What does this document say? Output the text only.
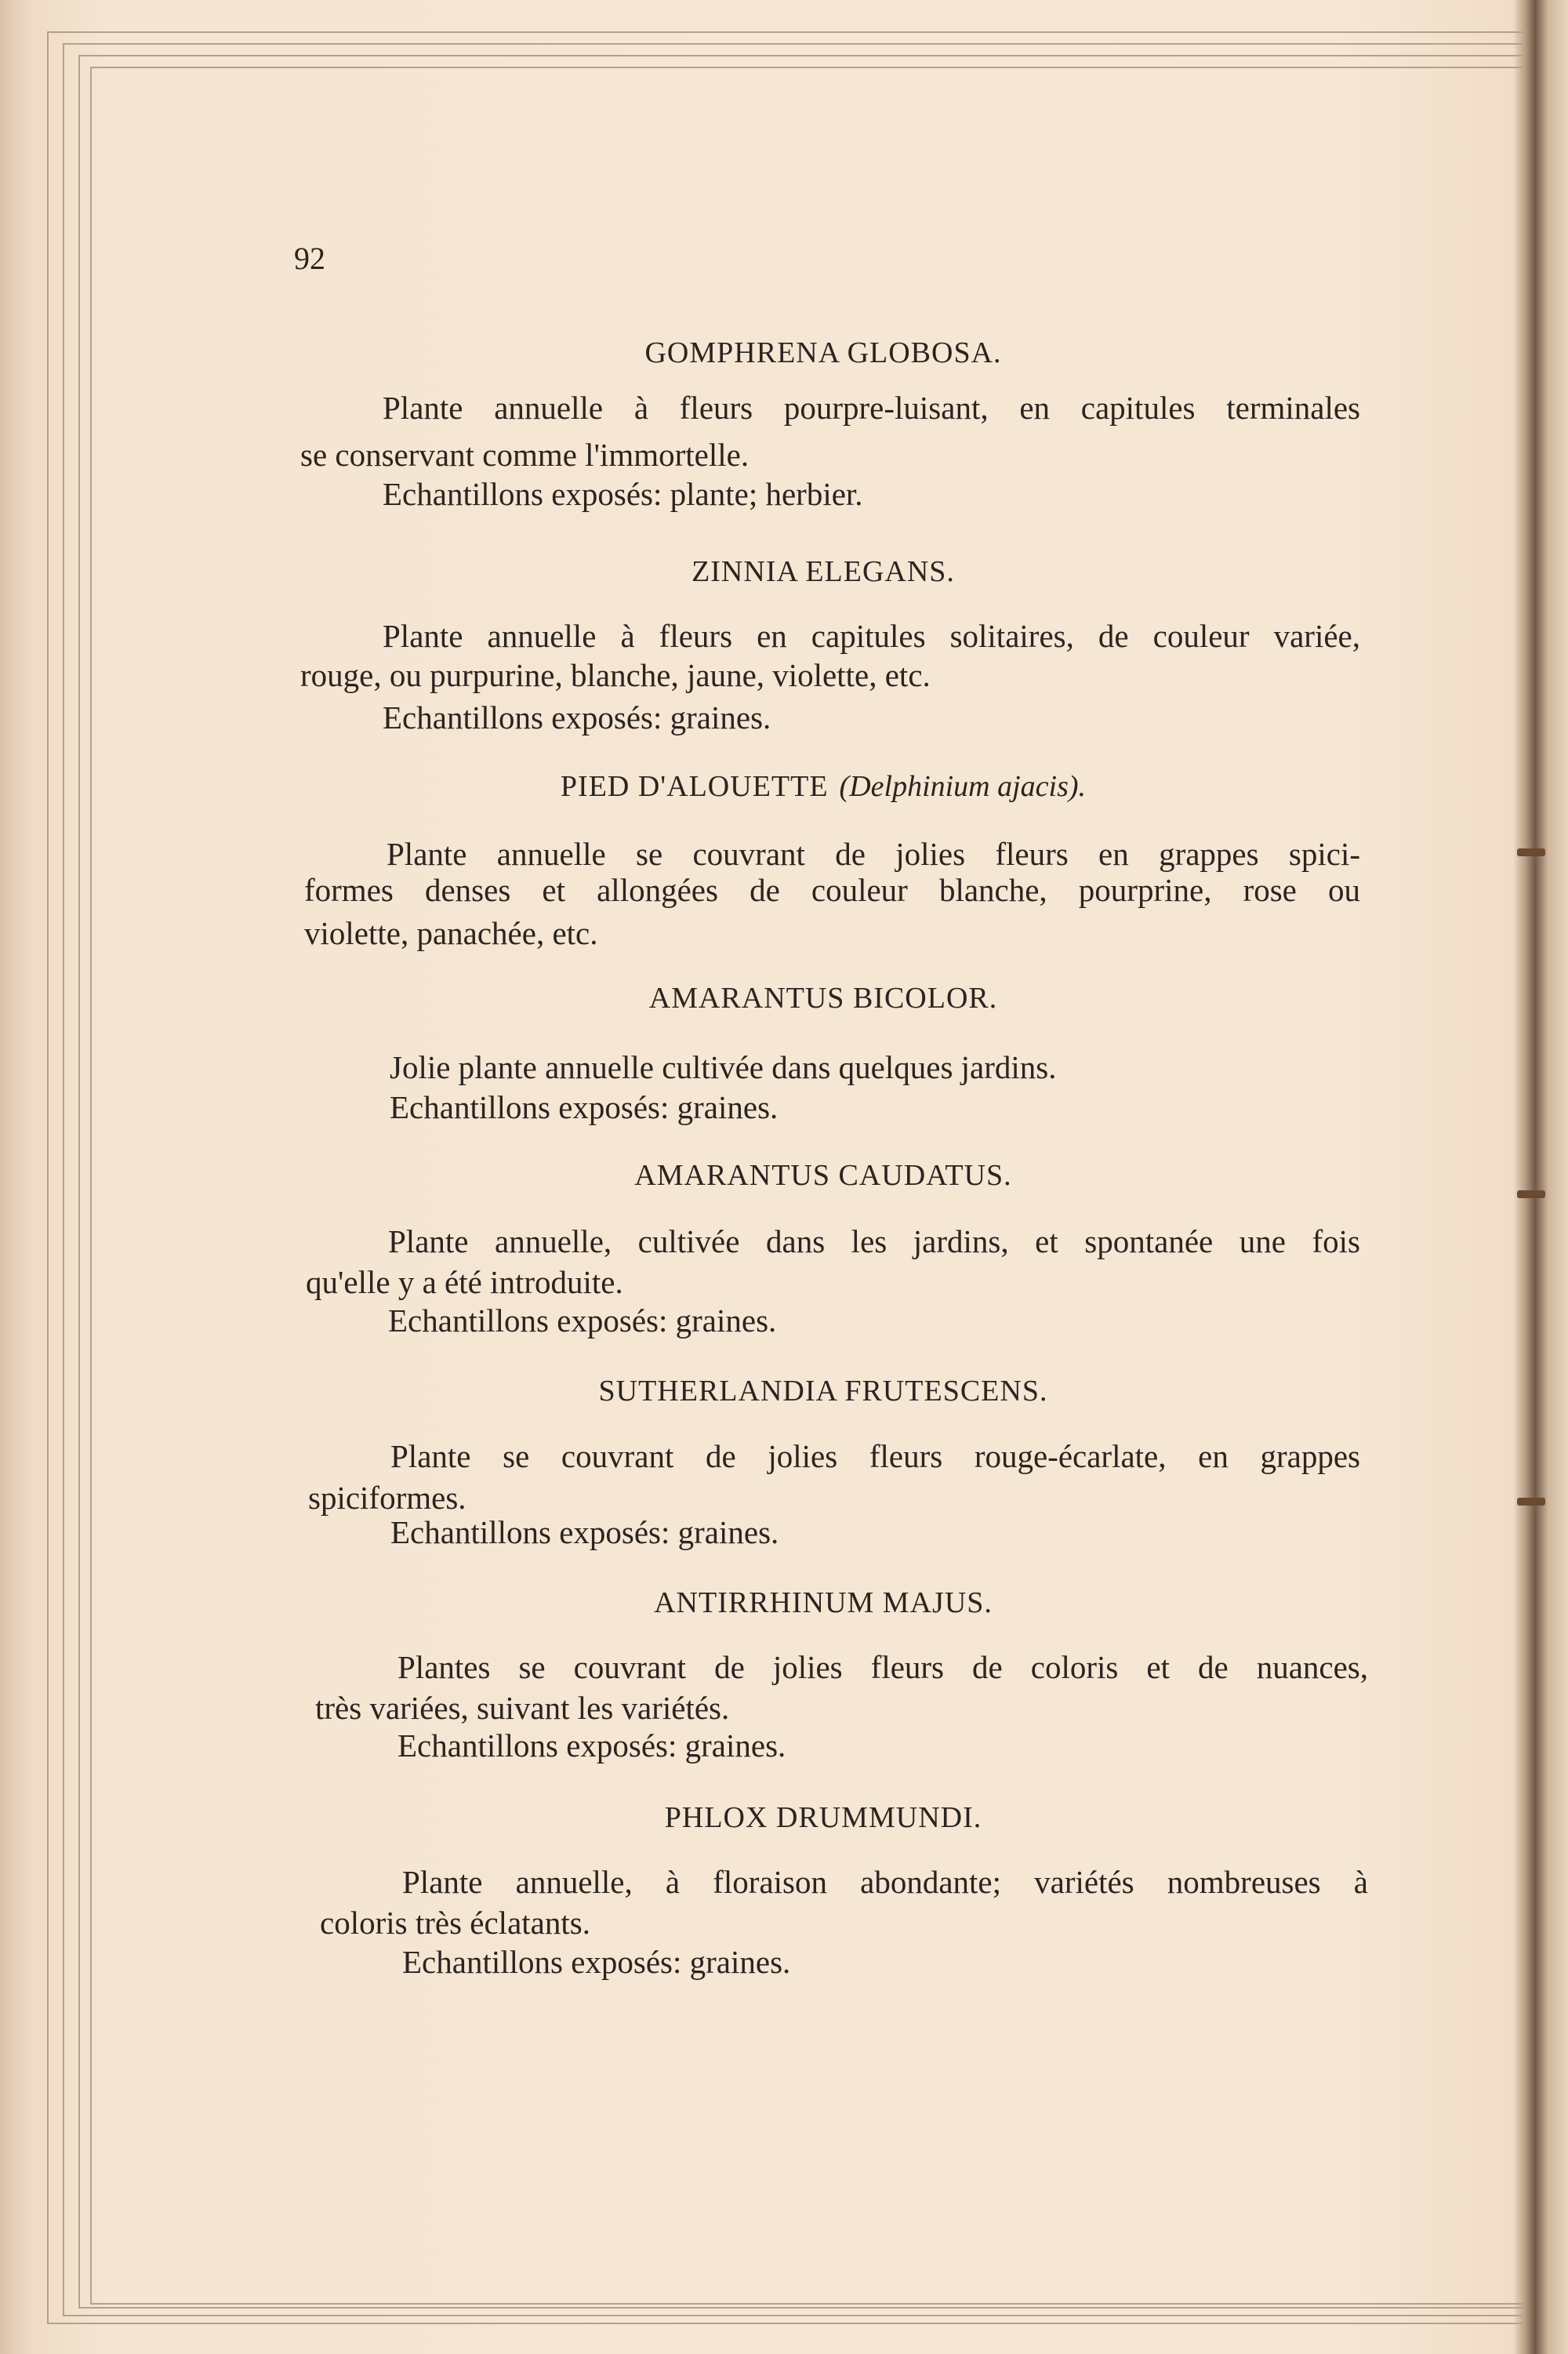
92
GOMPHRENA GLOBOSA.
Plante annuelle à fleurs pourpre-luisant, en capitules terminales
se conservant comme l'immortelle.
Echantillons exposés: plante; herbier.
ZINNIA ELEGANS.
Plante annuelle à fleurs en capitules solitaires, de couleur variée,
rouge, ou purpurine, blanche, jaune, violette, etc.
Echantillons exposés: graines.
PIED D'ALOUETTE (Delphinium ajacis).
Plante annuelle se couvrant de jolies fleurs en grappes spici-
formes denses et allongées de couleur blanche, pourprine, rose ou
violette, panachée, etc.
AMARANTUS BICOLOR.
Jolie plante annuelle cultivée dans quelques jardins.
Echantillons exposés: graines.
AMARANTUS CAUDATUS.
Plante annuelle, cultivée dans les jardins, et spontanée une fois
qu'elle y a été introduite.
Echantillons exposés: graines.
SUTHERLANDIA FRUTESCENS.
Plante se couvrant de jolies fleurs rouge-écarlate, en grappes
spiciformes.
Echantillons exposés: graines.
ANTIRRHINUM MAJUS.
Plantes se couvrant de jolies fleurs de coloris et de nuances,
très variées, suivant les variétés.
Echantillons exposés: graines.
PHLOX DRUMMUNDI.
Plante annuelle, à floraison abondante; variétés nombreuses à
coloris très éclatants.
Echantillons exposés: graines.
